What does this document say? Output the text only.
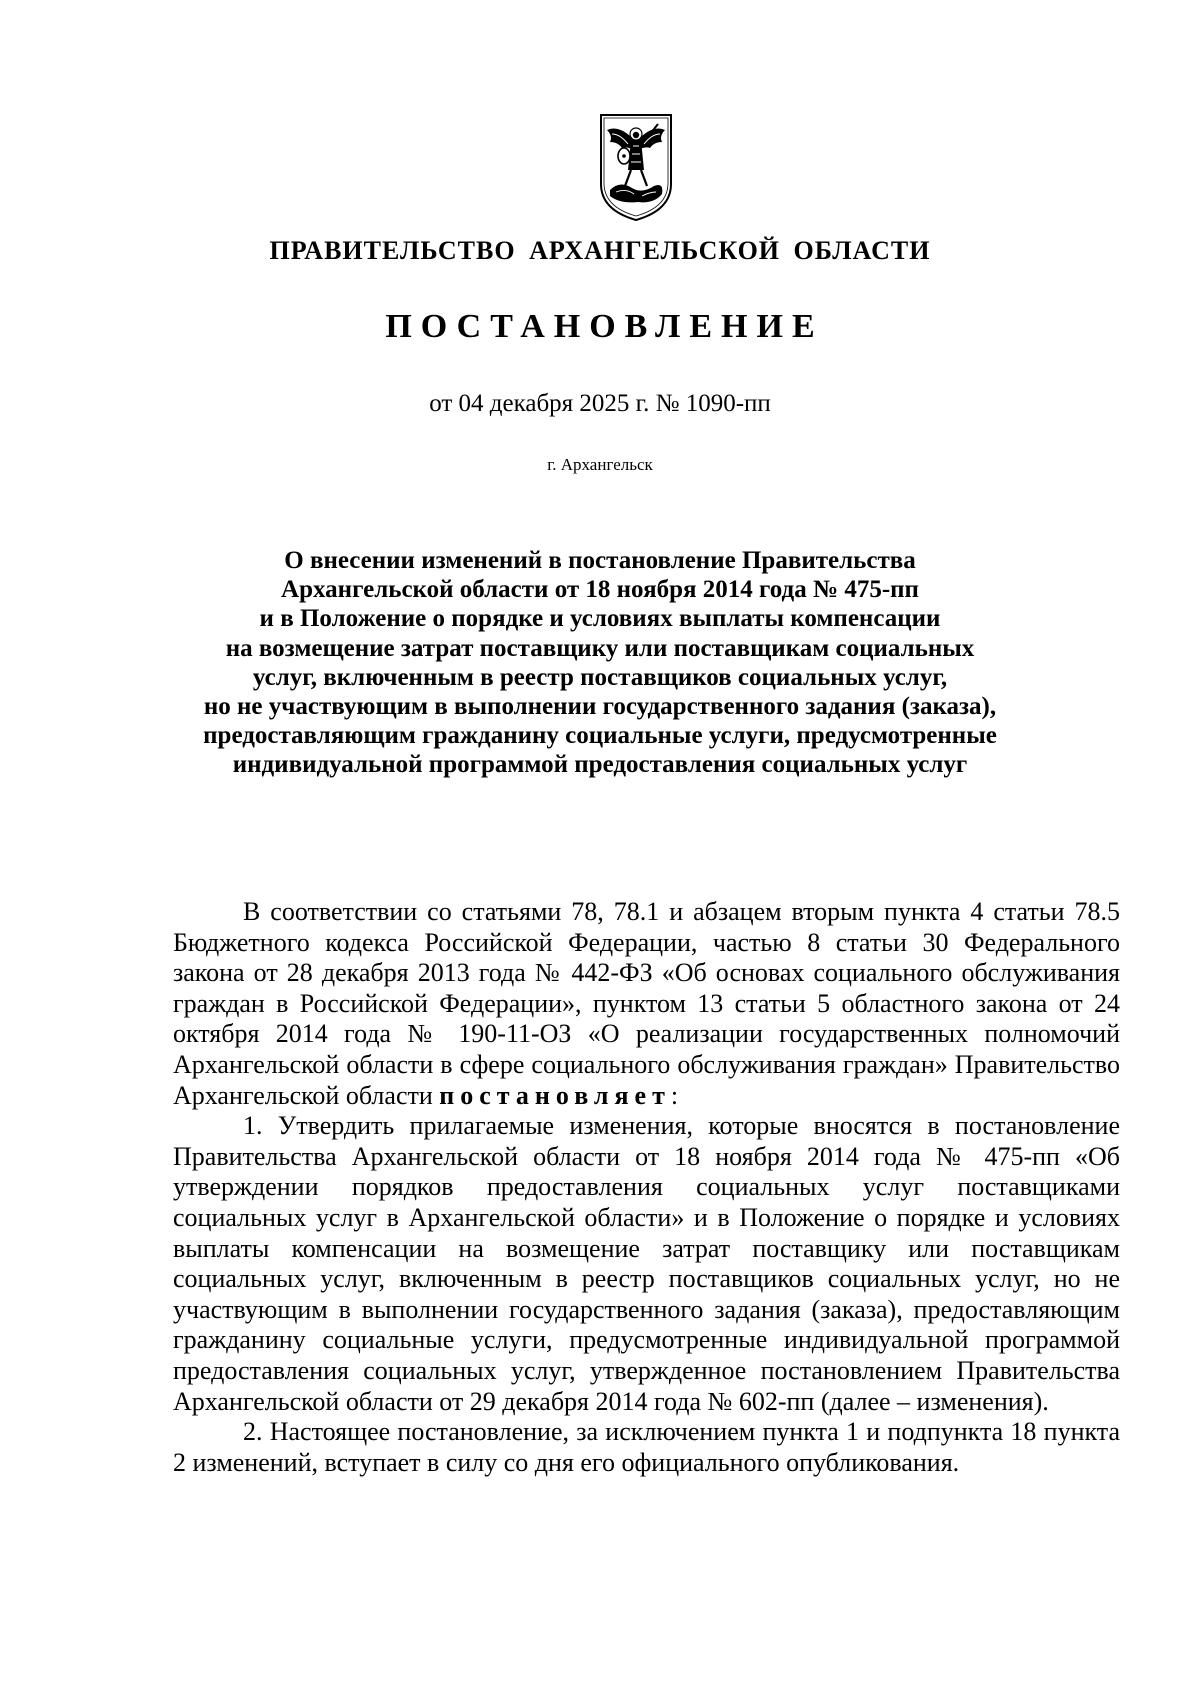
ПРАВИТЕЛЬСТВО АРХАНГЕЛЬСКОЙ ОБЛАСТИ
ПОСТАНОВЛЕНИЕ
от 04 декабря 2025 г. № 1090-пп
г. Архангельск
О внесении изменений в постановление Правительства
Архангельской области от 18 ноября 2014 года № 475-пп
и в Положение о порядке и условиях выплаты компенсации
на возмещение затрат поставщику или поставщикам социальных
услуг, включенным в реестр поставщиков социальных услуг,
но не участвующим в выполнении государственного задания (заказа),
предоставляющим гражданину социальные услуги, предусмотренные
индивидуальной программой предоставления социальных услуг

В соответствии со статьями 78, 78.1 и абзацем вторым пункта 4 статьи 78.5 Бюджетного кодекса Российской Федерации, частью 8 статьи 30 Федерального закона от 28 декабря 2013 года № 442-ФЗ «Об основах социального обслуживания граждан в Российской Федерации», пунктом 13 статьи 5 областного закона от 24 октября 2014 года № 190-11-ОЗ «О реализации государственных полномочий Архангельской области в сфере социального обслуживания граждан» Правительство Архангельской области постановляет:

1. Утвердить прилагаемые изменения, которые вносятся в постановление Правительства Архангельской области от 18 ноября 2014 года № 475-пп «Об утверждении порядков предоставления социальных услуг поставщиками социальных услуг в Архангельской области» и в Положение о порядке и условиях выплаты компенсации на возмещение затрат поставщику или поставщикам социальных услуг, включенным в реестр поставщиков социальных услуг, но не участвующим в выполнении государственного задания (заказа), предоставляющим гражданину социальные услуги, предусмотренные индивидуальной программой предоставления социальных услуг, утвержденное постановлением Правительства Архангельской области от 29 декабря 2014 года № 602-пп (далее – изменения).

2. Настоящее постановление, за исключением пункта 1 и подпункта 18 пункта 2 изменений, вступает в силу со дня его официального опубликования.
